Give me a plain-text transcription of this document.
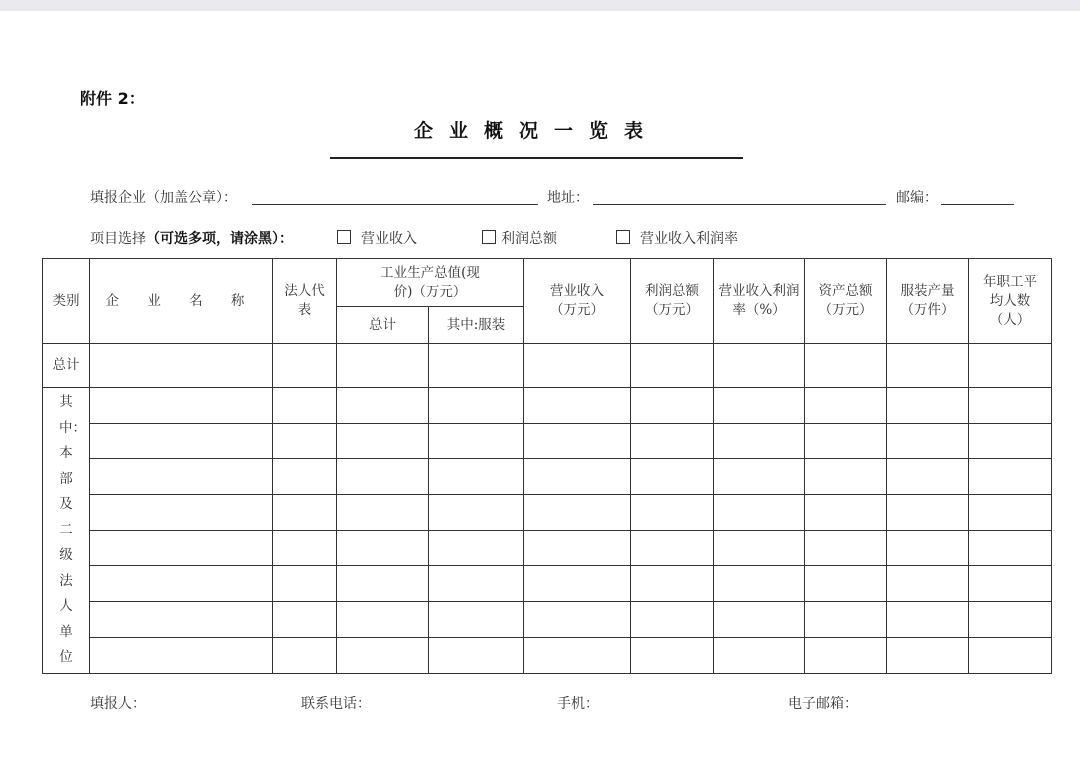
附件 2：
企业概况一览表
填报企业（加盖公章）：	地址：	邮编：
项目选择（可选多项，请涂黑）：	营业收入	利润总额	营业收入利润率
类别	企 业 名 称	法人代表	工业生产总值(现价)（万元）		营业收入（万元）	利润总额（万元）	营业收入利润率（%）	资产总额（万元）	服装产量（万件）	年职工平均人数（人）
			总计	其中:服装						
总计										
其中：本部及二级法人单位										

填报人：	联系电话：	手机：	电子邮箱：
